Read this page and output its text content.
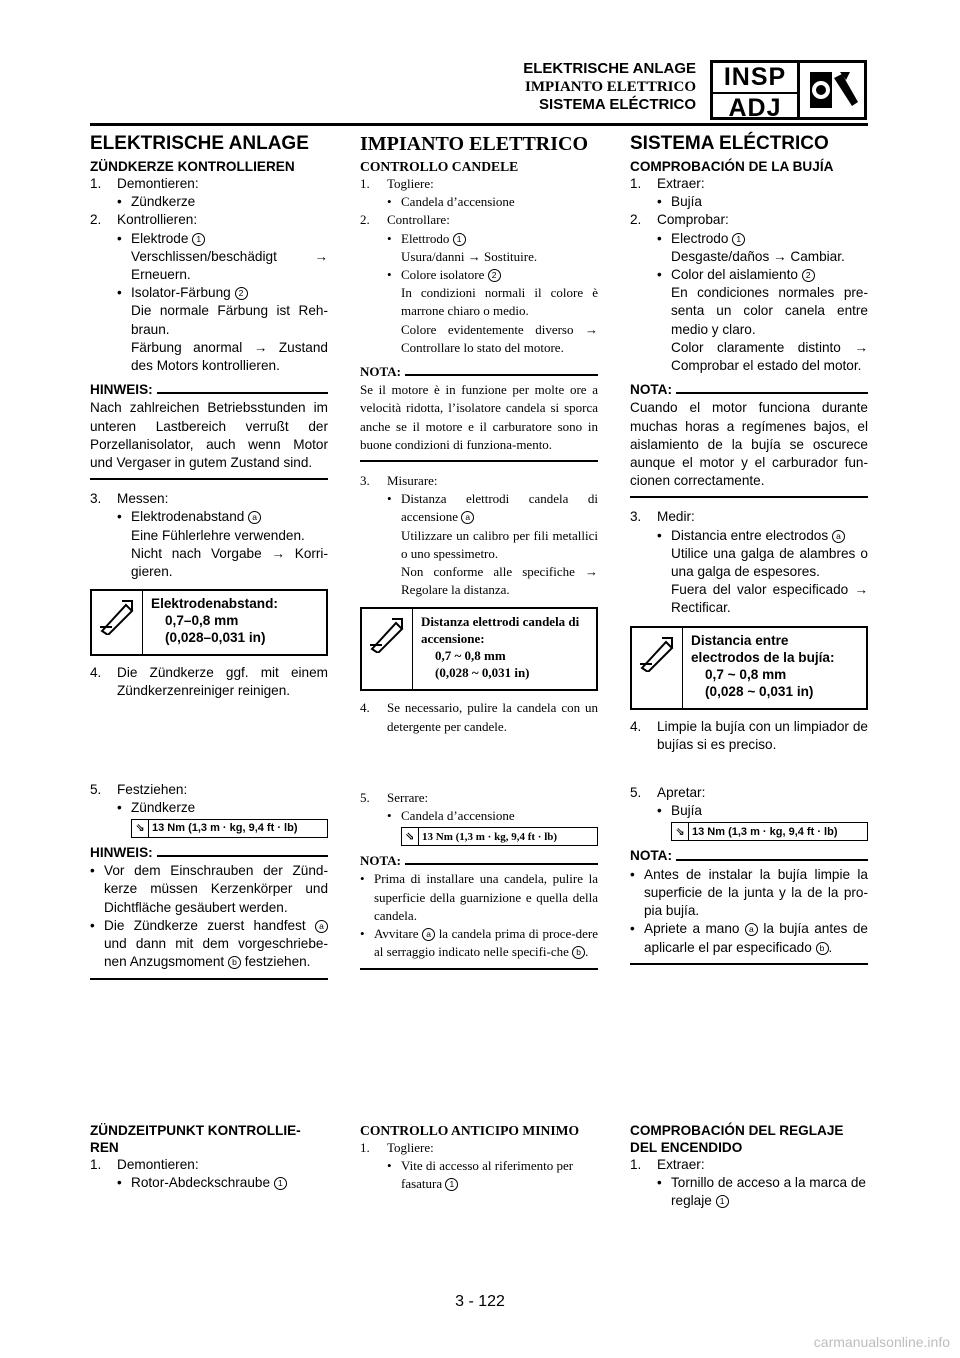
ELEKTRISCHE ANLAGE
IMPIANTO ELETTRICO
SISTEMA ELÉCTRICO
INSP
ADJ
ELEKTRISCHE ANLAGE
ZÜNDKERZE KONTROLLIEREN
1.	Demontieren:
• Zündkerze
2.	Kontrollieren:
• Elektrode 1
Verschlissen/beschädigt	→
Erneuern.
• Isolator-Färbung 2
Die normale Färbung ist Reh-braun.
Färbung anormal → Zustand des Motors kontrollieren.
HINWEIS:
Nach zahlreichen Betriebsstunden im unteren Lastbereich verrußt der Porzellanisolator, auch wenn Motor und Vergaser in gutem Zustand sind.
3.	Messen:
• Elektrodenabstand a
Eine Fühlerlehre verwenden.
Nicht nach Vorgabe → Korri-gieren.
Elektrodenabstand:
0,7–0,8 mm
(0,028–0,031 in)
4.	Die Zündkerze ggf. mit einem Zündkerzenreiniger reinigen.
5.	Festziehen:
• Zündkerze
⇘ 13 Nm (1,3 m · kg, 9,4 ft · lb)
HINWEIS:
• Vor dem Einschrauben der Zünd-kerze müssen Kerzenkörper und Dichtfläche gesäubert werden.
• Die Zündkerze zuerst handfest a und dann mit dem vorgeschriebe-nen Anzugsmoment b festziehen.
ZÜNDZEITPUNKT KONTROLLIE-REN
1.	Demontieren:
• Rotor-Abdeckschraube 1
IMPIANTO ELETTRICO
CONTROLLO CANDELE
1.	Togliere:
• Candela d’accensione
2.	Controllare:
• Elettrodo 1
Usura/danni → Sostituire.
• Colore isolatore 2
In condizioni normali il colore è marrone chiaro o medio.
Colore evidentemente diverso → Controllare lo stato del motore.
NOTA:
Se il motore è in funzione per molte ore a velocità ridotta, l’isolatore candela si sporca anche se il motore e il carburatore sono in buone condizioni di funziona-mento.
3.	Misurare:
• Distanza elettrodi candela di accensione a
Utilizzare un calibro per fili metallici o uno spessimetro.
Non conforme alle specifiche → Regolare la distanza.
Distanza elettrodi candela di accensione:
0,7 ~ 0,8 mm
(0,028 ~ 0,031 in)
4.	Se necessario, pulire la candela con un detergente per candele.
5.	Serrare:
• Candela d’accensione
⇘ 13 Nm (1,3 m · kg, 9,4 ft · lb)
NOTA:
• Prima di installare una candela, pulire la superficie della guarnizione e quella della candela.
• Avvitare a la candela prima di proce-dere al serraggio indicato nelle specifi-che b .
CONTROLLO ANTICIPO MINIMO
1.	Togliere:
• Vite di accesso al riferimento per fasatura 1
SISTEMA ELÉCTRICO
COMPROBACIÓN DE LA BUJÍA
1.	Extraer:
• Bujía
2.	Comprobar:
• Electrodo 1
Desgaste/daños → Cambiar.
• Color del aislamiento 2
En condiciones normales pre-senta un color canela entre medio y claro.
Color claramente distinto → Comprobar el estado del motor.
NOTA:
Cuando el motor funciona durante muchas horas a regímenes bajos, el aislamiento de la bujía se oscurece aunque el motor y el carburador fun-cionen correctamente.
3.	Medir:
• Distancia entre electrodos a
Utilice una galga de alambres o una galga de espesores.
Fuera del valor especificado → Rectificar.
Distancia entre electrodos de la bujía:
0,7 ~ 0,8 mm
(0,028 ~ 0,031 in)
4.	Limpie la bujía con un limpiador de bujías si es preciso.
5.	Apretar:
• Bujía
⇘ 13 Nm (1,3 m · kg, 9,4 ft · lb)
NOTA:
• Antes de instalar la bujía limpie la superficie de la junta y la de la pro-pia bujía.
• Apriete a mano a la bujía antes de aplicarle el par especificado b .
COMPROBACIÓN DEL REGLAJE DEL ENCENDIDO
1.	Extraer:
• Tornillo de acceso a la marca de reglaje 1
3 - 122
carmanualsonline.info
